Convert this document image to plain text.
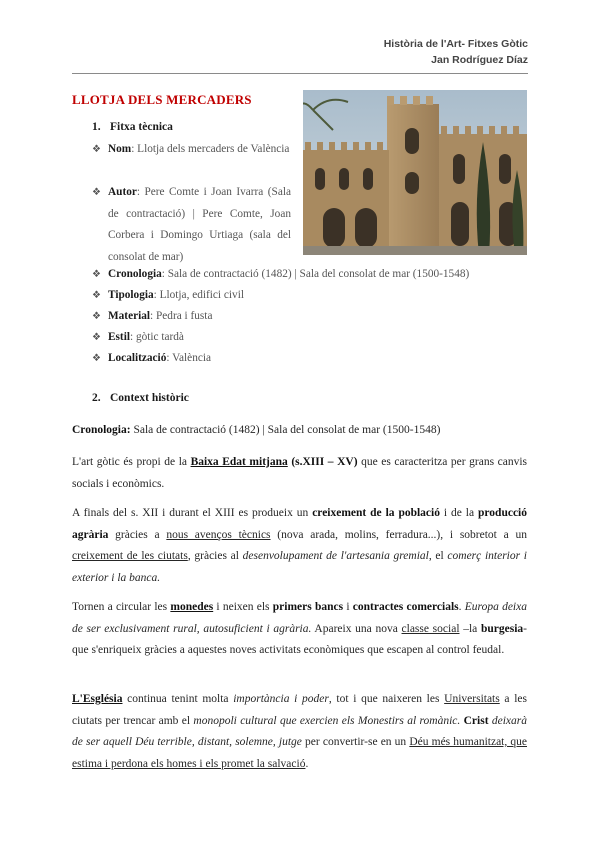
Història de l'Art- Fitxes Gòtic
Jan Rodríguez Díaz
LLOTJA DELS MERCADERS
1. Fitxa tècnica

❖ Nom: Llotja dels mercaders de València

❖ Autor: Pere Comte i Joan Ivarra (Sala de contractació) | Pere Comte, Joan Corbera i Domingo Urtiaga (sala del consolat de mar)

❖ Cronologia: Sala de contractació (1482) | Sala del consolat de mar (1500-1548)

❖ Tipologia: Llotja, edifici civil

❖ Material: Pedra i fusta

❖ Estil: gòtic tardà

❖ Localització: València

2. Context històric

Cronologia: Sala de contractació (1482) | Sala del consolat de mar (1500-1548)

L'art gòtic és propi de la Baixa Edat mitjana (s.XIII – XV) que es caracteritza per grans canvis socials i econòmics.

A finals del s. XII i durant el XIII es produeix un creixement de la població i de la producció agrària gràcies a nous avenços tècnics (nova arada, molins, ferradura...), i sobretot a un creixement de les ciutats, gràcies al desenvolupament de l'artesania gremial, el comerç interior i exterior i la banca.

Tornen a circular les monedes i neixen els primers bancs i contractes comercials. Europa deixa de ser exclusivament rural, autosuficient i agrària. Apareix una nova classe social –la burgesia- que s'enriqueix gràcies a aquestes noves activitats econòmiques que escapen al control feudal.

L'Església continua tenint molta importància i poder, tot i que naixeren les Universitats a les ciutats per trencar amb el monopoli cultural que exercien els Monestirs al romànic. Crist deixarà de ser aquell Déu terrible, distant, solemne, jutge per convertir-se en un Déu més humanitzat, que estima i perdona els homes i els promet la salvació.
